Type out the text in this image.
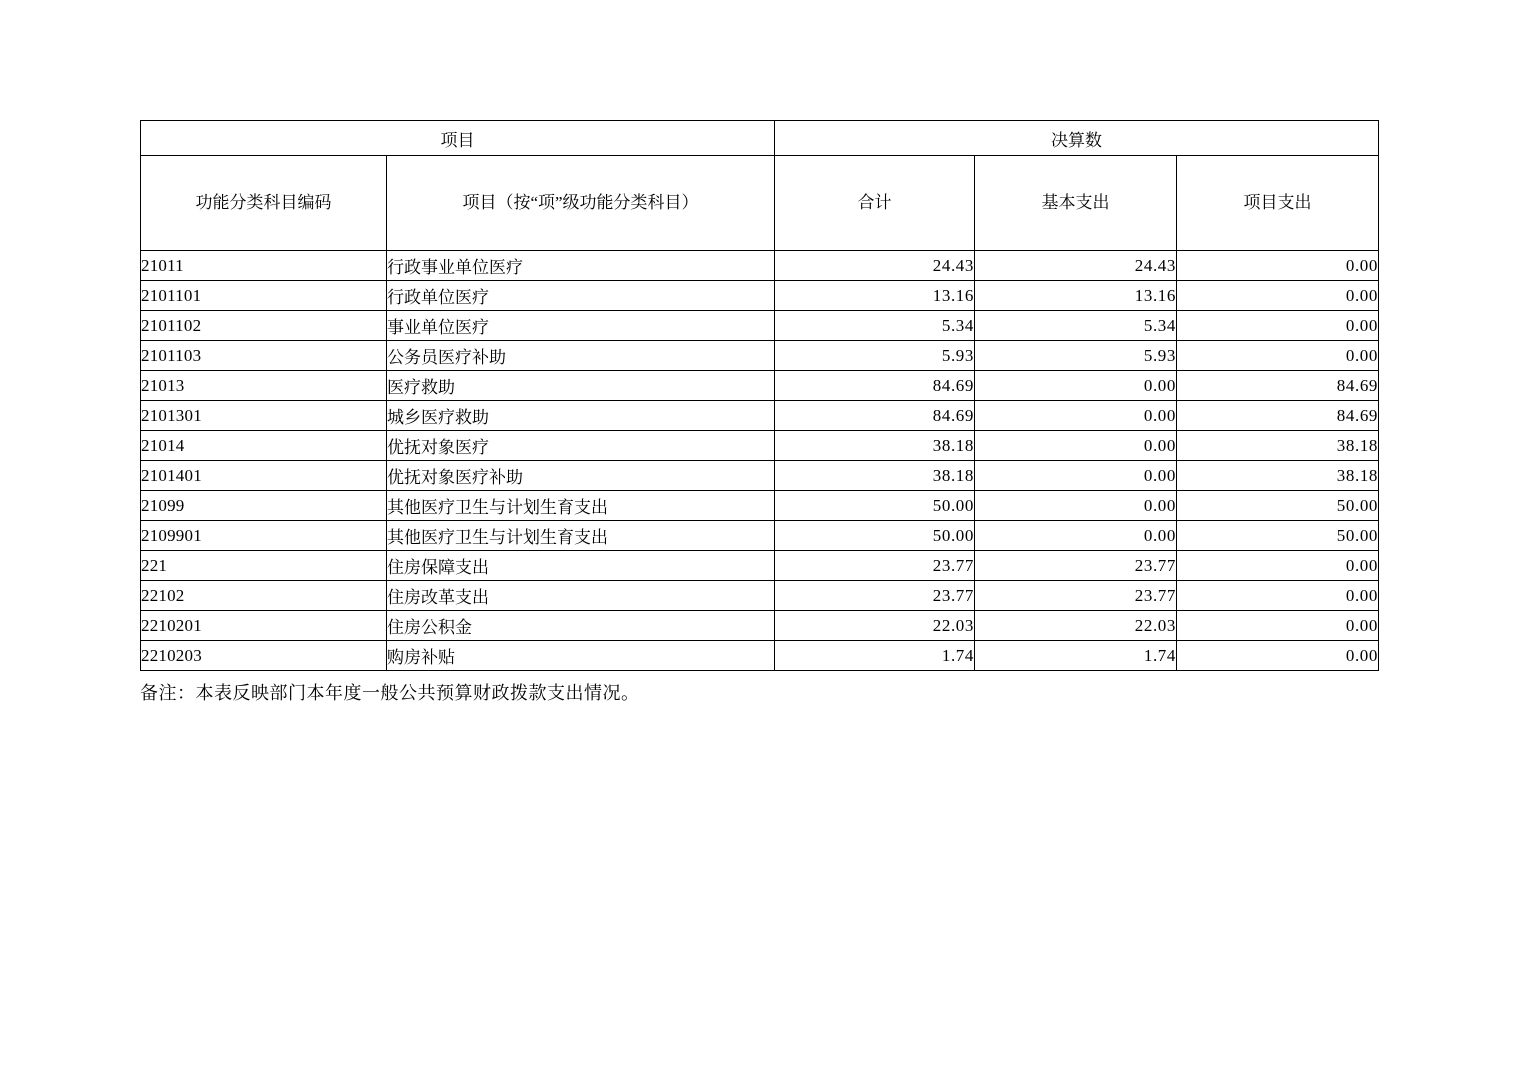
项目		决算数		
功能分类科目编码	项目（按“项”级功能分类科目）	合计	基本支出	项目支出
21011	行政事业单位医疗	24.43	24.43	0.00
2101101	行政单位医疗	13.16	13.16	0.00
2101102	事业单位医疗	5.34	5.34	0.00
2101103	公务员医疗补助	5.93	5.93	0.00
21013	医疗救助	84.69	0.00	84.69
2101301	城乡医疗救助	84.69	0.00	84.69
21014	优抚对象医疗	38.18	0.00	38.18
2101401	优抚对象医疗补助	38.18	0.00	38.18
21099	其他医疗卫生与计划生育支出	50.00	0.00	50.00
2109901	其他医疗卫生与计划生育支出	50.00	0.00	50.00
221	住房保障支出	23.77	23.77	0.00
22102	住房改革支出	23.77	23.77	0.00
2210201	住房公积金	22.03	22.03	0.00
2210203	购房补贴	1.74	1.74	0.00
备注：本表反映部门本年度一般公共预算财政拨款支出情况。
